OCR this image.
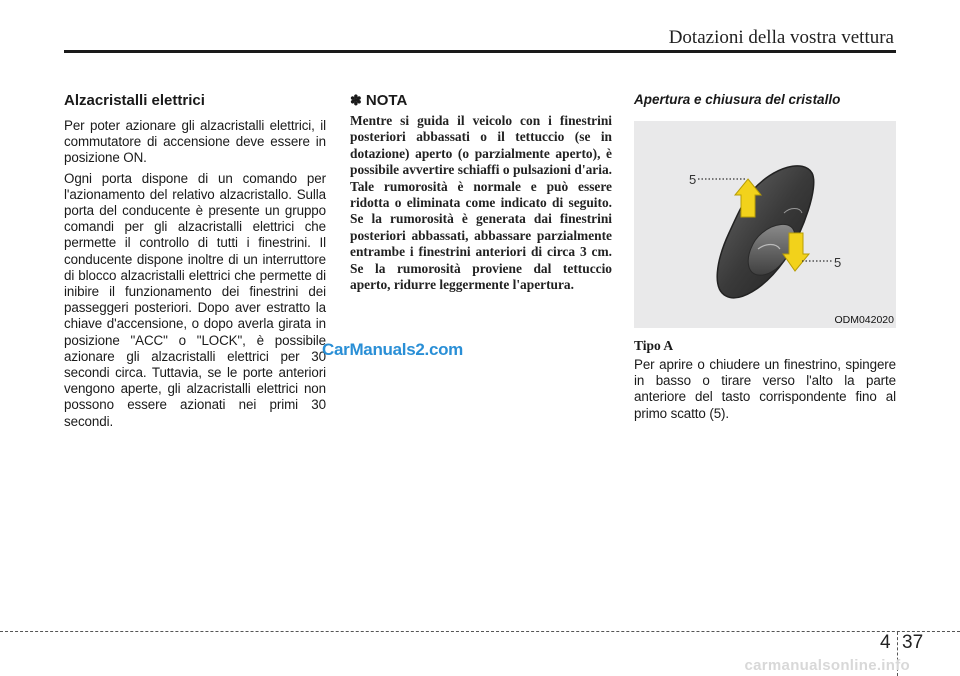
Dotazioni della vostra vettura
Alzacristalli elettrici

Per poter azionare gli alzacristalli elettrici, il commutatore di accensione deve essere in posizione ON.

Ogni porta dispone di un comando per l'azionamento del relativo alzacristallo. Sulla porta del conducente è presente un gruppo comandi per gli alzacristalli elettrici che permette il controllo di tutti i finestrini. Il conducente dispone inoltre di un interruttore di blocco alzacristalli elettrici che permette di inibire il funzionamento dei finestrini dei passeggeri posteriori. Dopo aver estratto la chiave d'accensione, o dopo averla girata in posizione "ACC" o "LOCK", è possibile azionare gli alzacristalli elettrici per 30 secondi circa. Tuttavia, se le porte anteriori vengono aperte, gli alzacristalli elettrici non possono essere azionati nei primi 30 secondi.

✽ NOTA

Mentre si guida il veicolo con i finestrini posteriori abbassati o il tettuccio (se in dotazione) aperto (o parzialmente aperto), è possibile avvertire schiaffi o pulsazioni d'aria. Tale rumorosità è normale e può essere ridotta o eliminata come indicato di seguito. Se la rumorosità è generata dai finestrini posteriori abbassati, abbassare parzialmente entrambe i finestrini anteriori di circa 3 cm. Se la rumorosità proviene dal tettuccio aperto, ridurre leggermente l'apertura.

Apertura e chiusura del cristallo
5
5
ODM042020
Tipo A

Per aprire o chiudere un finestrino, spingere in basso o tirare verso l'alto la parte anteriore del tasto corrispondente fino al primo scatto (5).

CarManuals2.com
4 37
carmanualsonline.info
